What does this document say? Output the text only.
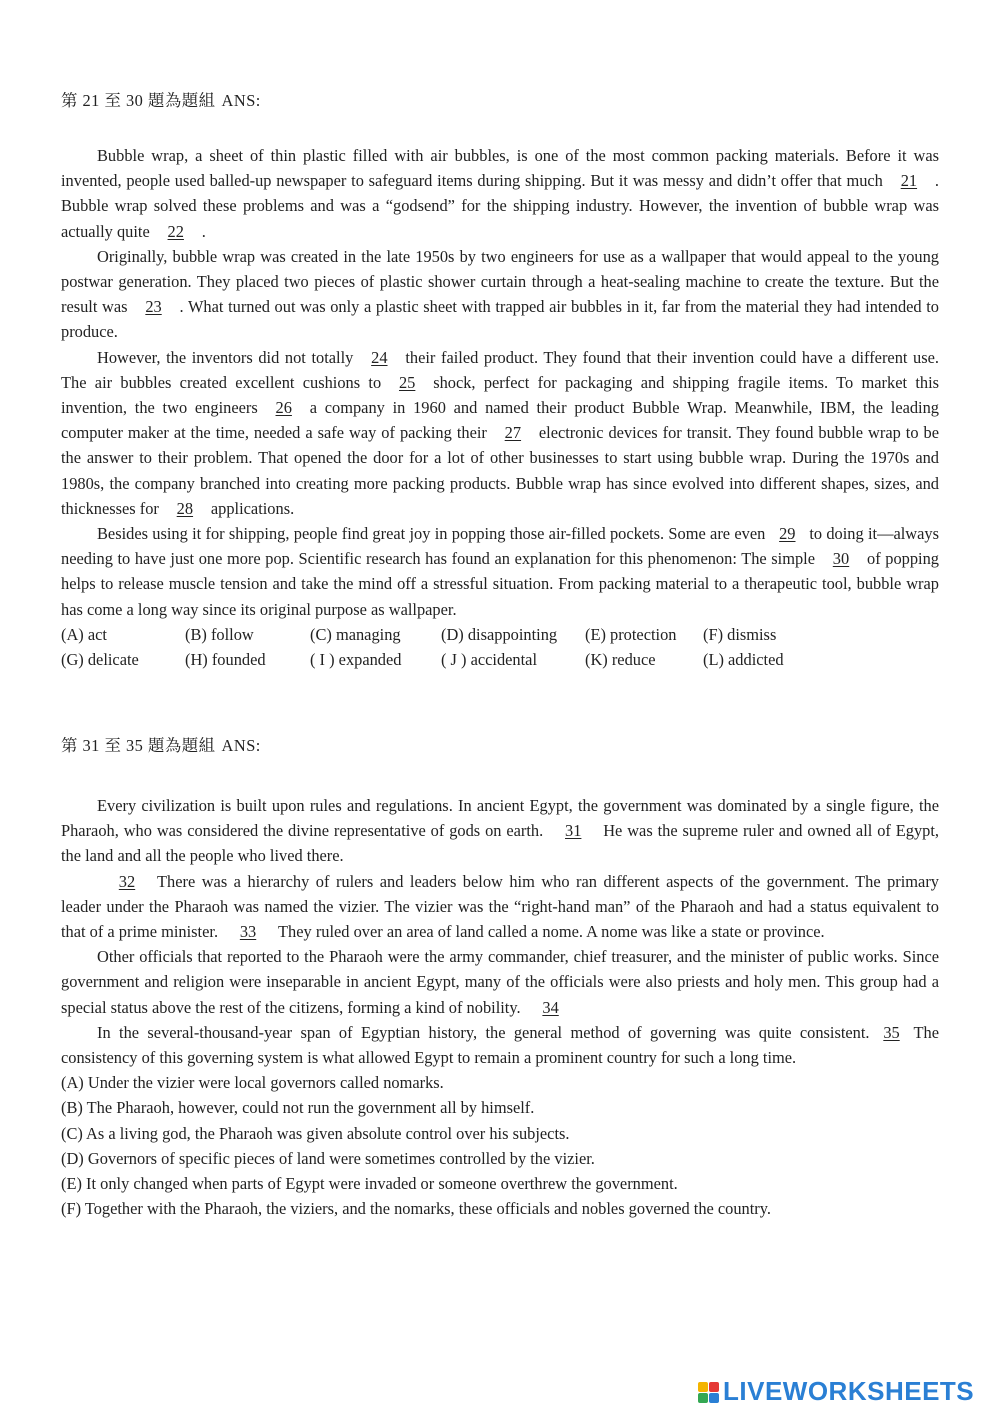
第 21 至 30 題為題組 ANS:

Bubble wrap, a sheet of thin plastic filled with air bubbles, is one of the most common packing materials. Before it was invented, people used balled-up newspaper to safeguard items during shipping. But it was messy and didn’t offer that much 21 . Bubble wrap solved these problems and was a “godsend” for the shipping industry. However, the invention of bubble wrap was actually quite 22 .

Originally, bubble wrap was created in the late 1950s by two engineers for use as a wallpaper that would appeal to the young postwar generation. They placed two pieces of plastic shower curtain through a heat-sealing machine to create the texture. But the result was 23 . What turned out was only a plastic sheet with trapped air bubbles in it, far from the material they had intended to produce.

However, the inventors did not totally 24 their failed product. They found that their invention could have a different use. The air bubbles created excellent cushions to 25 shock, perfect for packaging and shipping fragile items. To market this invention, the two engineers 26 a company in 1960 and named their product Bubble Wrap. Meanwhile, IBM, the leading computer maker at the time, needed a safe way of packing their 27 electronic devices for transit. They found bubble wrap to be the answer to their problem. That opened the door for a lot of other businesses to start using bubble wrap. During the 1970s and 1980s, the company branched into creating more packing products. Bubble wrap has since evolved into different shapes, sizes, and thicknesses for 28 applications.

Besides using it for shipping, people find great joy in popping those air-filled pockets. Some are even 29 to doing it—always needing to have just one more pop. Scientific research has found an explanation for this phenomenon: The simple 30 of popping helps to release muscle tension and take the mind off a stressful situation. From packing material to a therapeutic tool, bubble wrap has come a long way since its original purpose as wallpaper.

(A) act	(B) follow	(C) managing	(D) disappointing	(E) protection	(F) dismiss
(G) delicate	(H) founded	( I ) expanded	( J ) accidental	(K) reduce	(L) addicted
第 31 至 35 題為題組 ANS:

Every civilization is built upon rules and regulations. In ancient Egypt, the government was dominated by a single figure, the Pharaoh, who was considered the divine representative of gods on earth. 31 He was the supreme ruler and owned all of Egypt, the land and all the people who lived there.

32 There was a hierarchy of rulers and leaders below him who ran different aspects of the government. The primary leader under the Pharaoh was named the vizier. The vizier was the “right-hand man” of the Pharaoh and had a status equivalent to that of a prime minister. 33 They ruled over an area of land called a nome. A nome was like a state or province.

Other officials that reported to the Pharaoh were the army commander, chief treasurer, and the minister of public works. Since government and religion were inseparable in ancient Egypt, many of the officials were also priests and holy men. This group had a special status above the rest of the citizens, forming a kind of nobility. 34

In the several-thousand-year span of Egyptian history, the general method of governing was quite consistent. 35 The consistency of this governing system is what allowed Egypt to remain a prominent country for such a long time.

(A) Under the vizier were local governors called nomarks.

(B) The Pharaoh, however, could not run the government all by himself.

(C) As a living god, the Pharaoh was given absolute control over his subjects.

(D) Governors of specific pieces of land were sometimes controlled by the vizier.

(E) It only changed when parts of Egypt were invaded or someone overthrew the government.

(F) Together with the Pharaoh, the viziers, and the nomarks, these officials and nobles governed the country.

LIVEWORKSHEETS
